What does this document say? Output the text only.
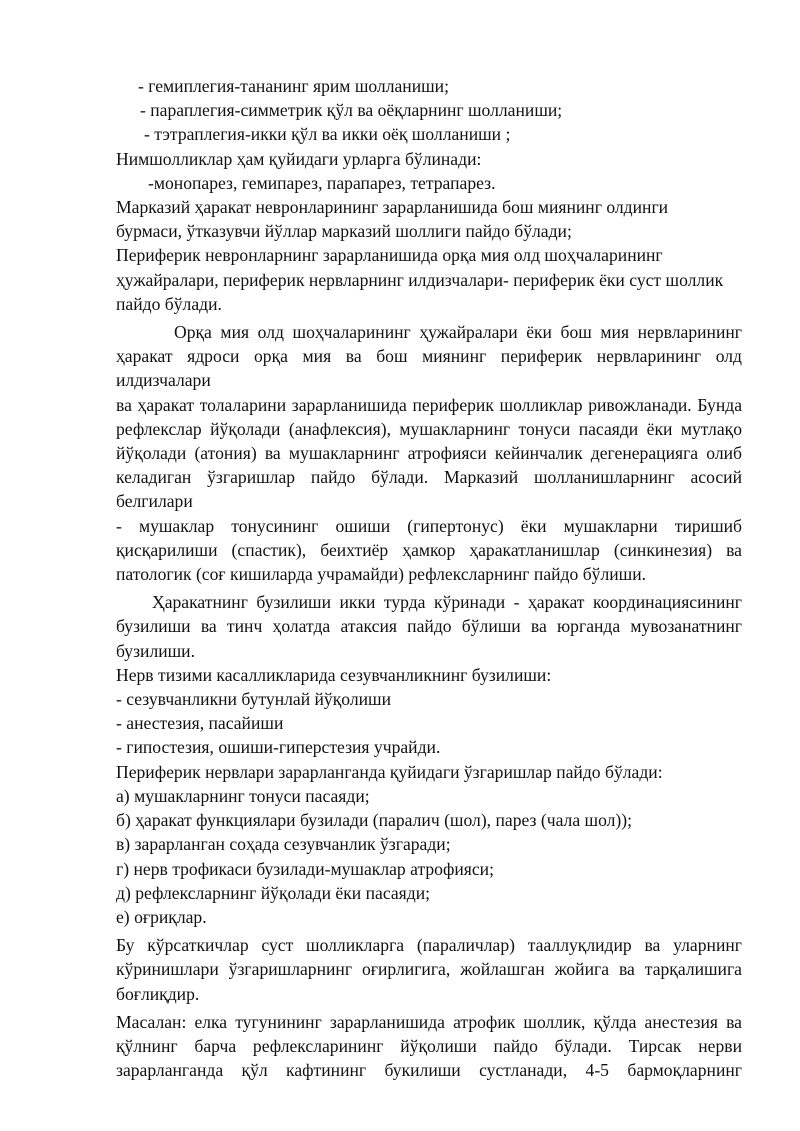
- гемиплегия-тананинг ярим шолланиши;

- параплегия-симметрик қўл ва оёқларнинг шолланиши;

- тэтраплегия-икки қўл ва икки оёқ шолланиши ;

Нимшолликлар ҳам қуйидаги урларга бўлинади:

-монопарез, гемипарез, парапарез, тетрапарез.

Марказий ҳаракат невронларининг зарарланишида бош миянинг олдинги

бурмаси, ўтказувчи йўллар марказий шоллиги пайдо бўлади;

Периферик невронларнинг зарарланишида орқа мия олд шоҳчаларининг

ҳужайралари, периферик нервларнинг илдизчалари- периферик ёки суст шоллик

пайдо бўлади.

Орқа мия олд шоҳчаларининг ҳужайралари ёки бош мия нервларининг

ҳаракат ядроси орқа мия ва бош миянинг периферик нервларининг олд илдизчалари

ва ҳаракат толаларини зарарланишида периферик шолликлар ривожланади. Бунда

рефлекслар йўқолади (анафлексия), мушакларнинг тонуси пасаяди ёки мутлақо

йўқолади (атония) ва мушакларнинг атрофияси кейинчалик дегенерацияга олиб

келадиган ўзгаришлар пайдо бўлади. Марказий шолланишларнинг асосий белгилари

- мушаклар тонусининг ошиши (гипертонус) ёки мушакларни тиришиб

қисқарилиши (спастик), беихтиёр ҳамкор ҳаракатланишлар (синкинезия) ва

патологик (соғ кишиларда учрамайди) рефлексларнинг пайдо бўлиши.

Ҳаракатнинг бузилиши икки турда кўринади - ҳаракат координациясининг

бузилиши ва тинч ҳолатда атаксия пайдо бўлиши ва юрганда мувозанатнинг

бузилиши.

Нерв тизими касалликларида сезувчанликнинг бузилиши:

- сезувчанликни бутунлай йўқолиши

- анестезия, пасайиши

- гипостезия, ошиши-гиперстезия учрайди.

Периферик нервлари зарарланганда қуйидаги ўзгаришлар пайдо бўлади:

а) мушакларнинг тонуси пасаяди;

б) ҳаракат функциялари бузилади (паралич (шол), парез (чала шол));

в) зарарланган соҳада сезувчанлик ўзгаради;

г) нерв трофикаси бузилади-мушаклар атрофияси;

д) рефлексларнинг йўқолади ёки пасаяди;

е) оғриқлар.

Бу кўрсаткичлар суст шолликларга (параличлар) тааллуқлидир ва уларнинг

кўринишлари ўзгаришларнинг оғирлигига, жойлашган жойига ва тарқалишига

боғлиқдир.

Масалан: елка тугунининг зарарланишида атрофик шоллик, қўлда анестезия ва

қўлнинг барча рефлексларининг йўқолиши пайдо бўлади. Тирсак нерви

зарарланганда қўл кафтининг букилиши сустланади, 4-5 бармоқларнинг
